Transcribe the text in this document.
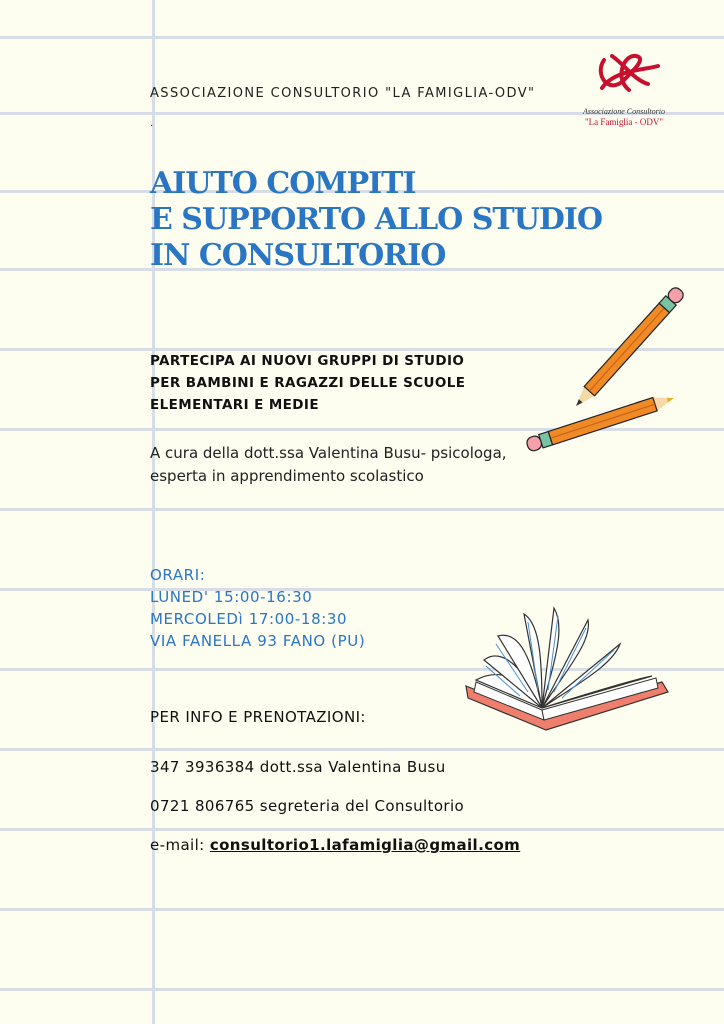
ASSOCIAZIONE CONSULTORIO "LA FAMIGLIA-ODV"
.
Associazione Consultorio
"La Famiglia - ODV"
AIUTO COMPITI
E SUPPORTO ALLO STUDIO
IN CONSULTORIO
PARTECIPA AI NUOVI GRUPPI DI STUDIO
PER BAMBINI E RAGAZZI DELLE SCUOLE
ELEMENTARI E MEDIE
A cura della dott.ssa Valentina Busu- psicologa, esperta in apprendimento scolastico
ORARI:
LUNED' 15:00-16:30
MERCOLEDì 17:00-18:30
VIA FANELLA 93 FANO (PU)

PER INFO E PRENOTAZIONI:

347 3936384 dott.ssa Valentina Busu

0721 806765 segreteria del Consultorio

e-mail: consultorio1.lafamiglia@gmail.com
